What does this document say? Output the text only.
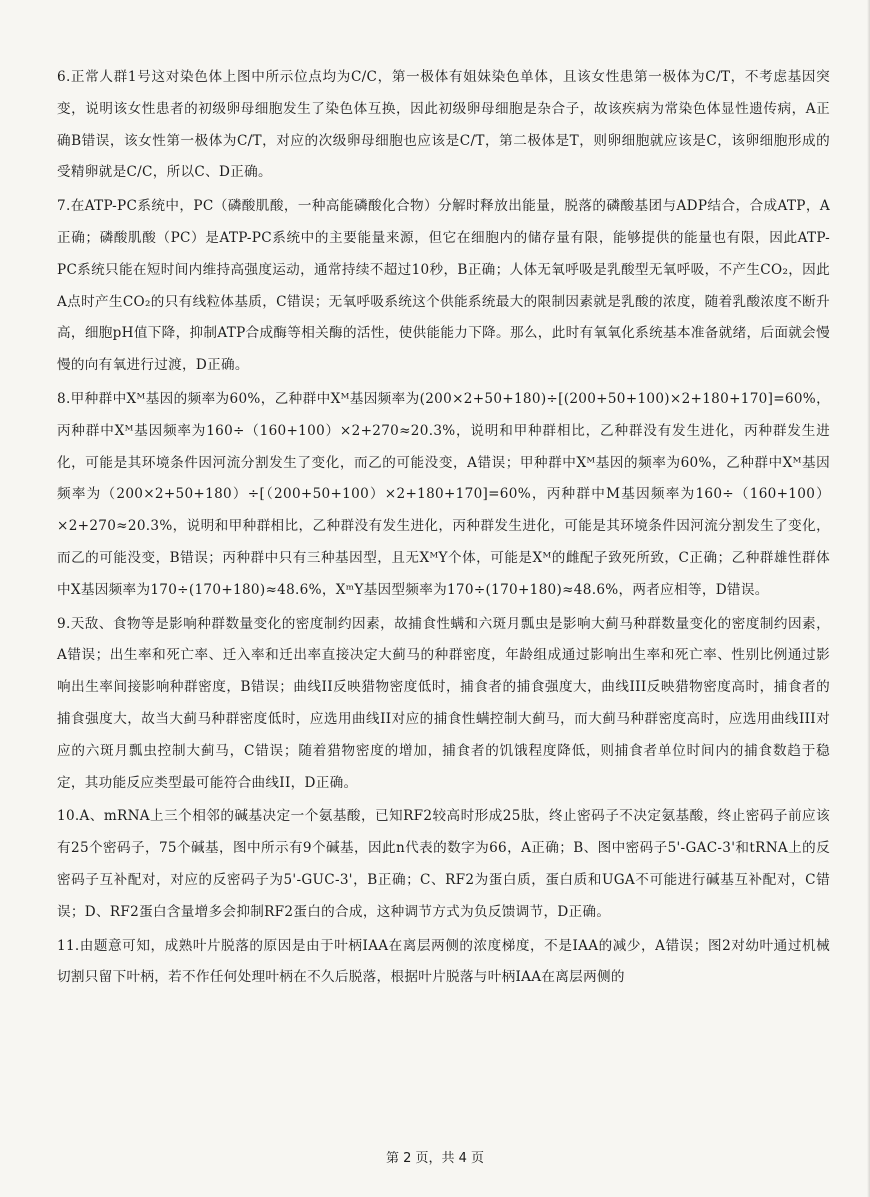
6.正常人群1号这对染色体上图中所示位点均为C/C，第一极体有姐妹染色单体，且该女性患第一极体为C/T，不考虑基因突变，说明该女性患者的初级卵母细胞发生了染色体互换，因此初级卵母细胞是杂合子，故该疾病为常染色体显性遗传病，A正确B错误，该女性第一极体为C/T，对应的次级卵母细胞也应该是C/T，第二极体是T，则卵细胞就应该是C，该卵细胞形成的受精卵就是C/C，所以C、D正确。

7.在ATP-PC系统中，PC（磷酸肌酸，一种高能磷酸化合物）分解时释放出能量，脱落的磷酸基团与ADP结合，合成ATP，A正确；磷酸肌酸（PC）是ATP-PC系统中的主要能量来源，但它在细胞内的储存量有限，能够提供的能量也有限，因此ATP-PC系统只能在短时间内维持高强度运动，通常持续不超过10秒，B正确；人体无氧呼吸是乳酸型无氧呼吸，不产生CO₂，因此A点时产生CO₂的只有线粒体基质，C错误；无氧呼吸系统这个供能系统最大的限制因素就是乳酸的浓度，随着乳酸浓度不断升高，细胞pH值下降，抑制ATP合成酶等相关酶的活性，使供能能力下降。那么，此时有氧氧化系统基本准备就绪，后面就会慢慢的向有氧进行过渡，D正确。

8.甲种群中Xᴹ基因的频率为60%，乙种群中Xᴹ基因频率为(200×2+50+180)÷[(200+50+100)×2+180+170]=60%，丙种群中Xᴹ基因频率为160÷（160+100）×2+270≈20.3%，说明和甲种群相比，乙种群没有发生进化，丙种群发生进化，可能是其环境条件因河流分割发生了变化，而乙的可能没变，A错误；甲种群中Xᴹ基因的频率为60%，乙种群中Xᴹ基因频率为（200×2+50+180）÷[（200+50+100）×2+180+170]=60%，丙种群中M基因频率为160÷（160+100）×2+270≈20.3%，说明和甲种群相比，乙种群没有发生进化，丙种群发生进化，可能是其环境条件因河流分割发生了变化，而乙的可能没变，B错误；丙种群中只有三种基因型，且无XᴹY个体，可能是Xᴹ的雌配子致死所致，C正确；乙种群雄性群体中X基因频率为170÷(170+180)≈48.6%，XᵐY基因型频率为170÷(170+180)≈48.6%，两者应相等，D错误。

9.天敌、食物等是影响种群数量变化的密度制约因素，故捕食性螨和六斑月瓢虫是影响大蓟马种群数量变化的密度制约因素，A错误；出生率和死亡率、迁入率和迁出率直接决定大蓟马的种群密度，年龄组成通过影响出生率和死亡率、性别比例通过影响出生率间接影响种群密度，B错误；曲线II反映猎物密度低时，捕食者的捕食强度大，曲线III反映猎物密度高时，捕食者的捕食强度大，故当大蓟马种群密度低时，应选用曲线II对应的捕食性螨控制大蓟马，而大蓟马种群密度高时，应选用曲线III对应的六斑月瓢虫控制大蓟马，C错误；随着猎物密度的增加，捕食者的饥饿程度降低，则捕食者单位时间内的捕食数趋于稳定，其功能反应类型最可能符合曲线II，D正确。

10.A、mRNA上三个相邻的碱基决定一个氨基酸，已知RF2较高时形成25肽，终止密码子不决定氨基酸，终止密码子前应该有25个密码子，75个碱基，图中所示有9个碱基，因此n代表的数字为66，A正确；B、图中密码子5'-GAC-3'和tRNA上的反密码子互补配对，对应的反密码子为5'-GUC-3'，B正确；C、RF2为蛋白质，蛋白质和UGA不可能进行碱基互补配对，C错误；D、RF2蛋白含量增多会抑制RF2蛋白的合成，这种调节方式为负反馈调节，D正确。

11.由题意可知，成熟叶片脱落的原因是由于叶柄IAA在离层两侧的浓度梯度，不是IAA的减少，A错误；图2对幼叶通过机械切割只留下叶柄，若不作任何处理叶柄在不久后脱落，根据叶片脱落与叶柄IAA在离层两侧的

第 2 页，共 4 页
